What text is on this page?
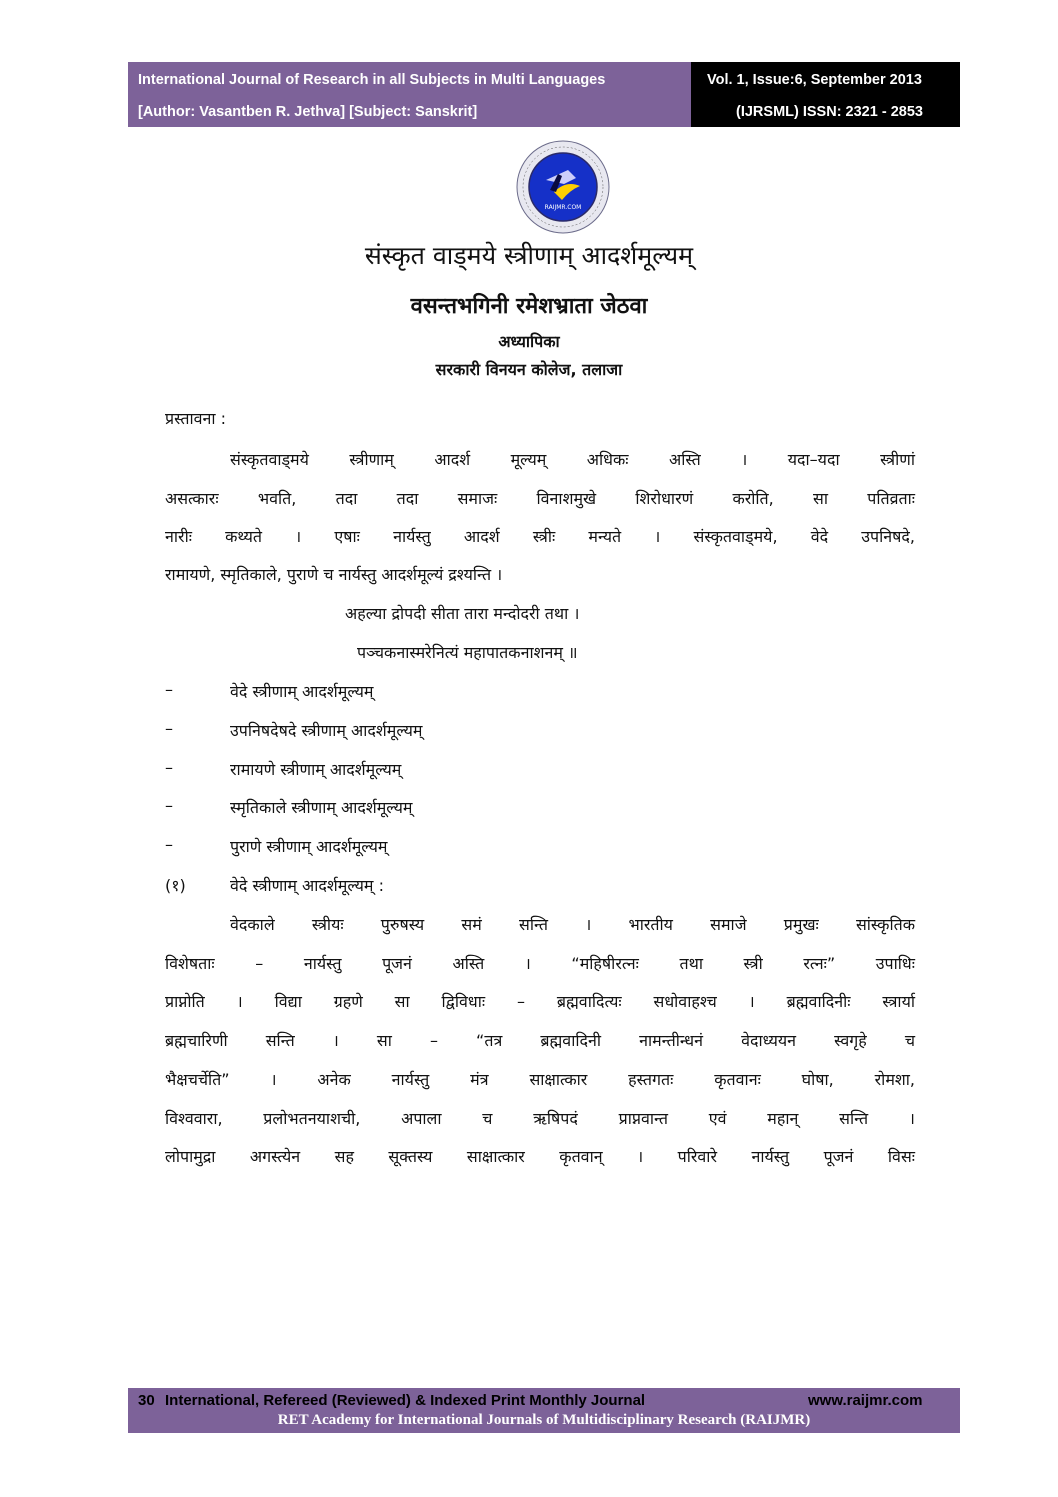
International Journal of Research in all Subjects in Multi Languages
[Author: Vasantben R. Jethva] [Subject: Sanskrit]
Vol. 1, Issue:6, September 2013
(IJRSML) ISSN: 2321 - 2853
RAIJMR.COM
संस्कृत वाड्मये स्त्रीणाम् आदर्शमूल्यम्
वसन्तभगिनी रमेशभ्राता जेठवा
अध्यापिका
सरकारी विनयन कोलेज, तलाजा
प्रस्तावना :
संस्कृतवाड्मये स्त्रीणाम् आदर्श मूल्यम् अधिकः अस्ति । यदा–यदा स्त्रीणां
असत्कारः भवति, तदा तदा समाजः विनाशमुखे शिरोधारणं करोति, सा पतिव्रताः
नारीः कथ्यते । एषाः नार्यस्तु आदर्श स्त्रीः मन्यते । संस्कृतवाड्मये, वेदे उपनिषदे,
रामायणे, स्मृतिकाले, पुराणे च नार्यस्तु आदर्शमूल्यं द्रश्यन्ति ।
अहल्या द्रोपदी सीता तारा मन्दोदरी तथा ।
पञ्चकनास्मरेनित्यं महापातकनाशनम् ॥
–	वेदे स्त्रीणाम् आदर्शमूल्यम्
–	उपनिषदेषदे स्त्रीणाम् आदर्शमूल्यम्
–	रामायणे स्त्रीणाम् आदर्शमूल्यम्
–	स्मृतिकाले स्त्रीणाम् आदर्शमूल्यम्
–	पुराणे स्त्रीणाम् आदर्शमूल्यम्
(१)	वेदे स्त्रीणाम् आदर्शमूल्यम् :
वेदकाले स्त्रीयः पुरुषस्य समं सन्ति । भारतीय समाजे प्रमुखः सांस्कृतिक
विशेषताः – नार्यस्तु पूजनं अस्ति । “महिषीरत्नः तथा स्त्री रत्नः” उपाधिः
प्राप्नोति । विद्या ग्रहणे सा द्विविधाः – ब्रह्मवादित्यः सधोवाहश्च । ब्रह्मवादिनीः स्त्रार्या
ब्रह्मचारिणी सन्ति । सा – “तत्र ब्रह्मवादिनी नामन्तीन्धनं वेदाध्ययन स्वगृहे च
भैक्षचर्चेति” । अनेक नार्यस्तु मंत्र साक्षात्कार हस्तगतः कृतवानः घोषा, रोमशा,
विश्ववारा, प्रलोभतनयाशची, अपाला च ऋषिपदं प्राप्नवान्त एवं महान् सन्ति ।
लोपामुद्रा अगस्त्येन सह सूक्तस्य साक्षात्कार कृतवान् । परिवारे नार्यस्तु पूजनं विसः
30 International, Refereed (Reviewed) & Indexed Print Monthly Journal	www.raijmr.com
RET Academy for International Journals of Multidisciplinary Research (RAIJMR)
